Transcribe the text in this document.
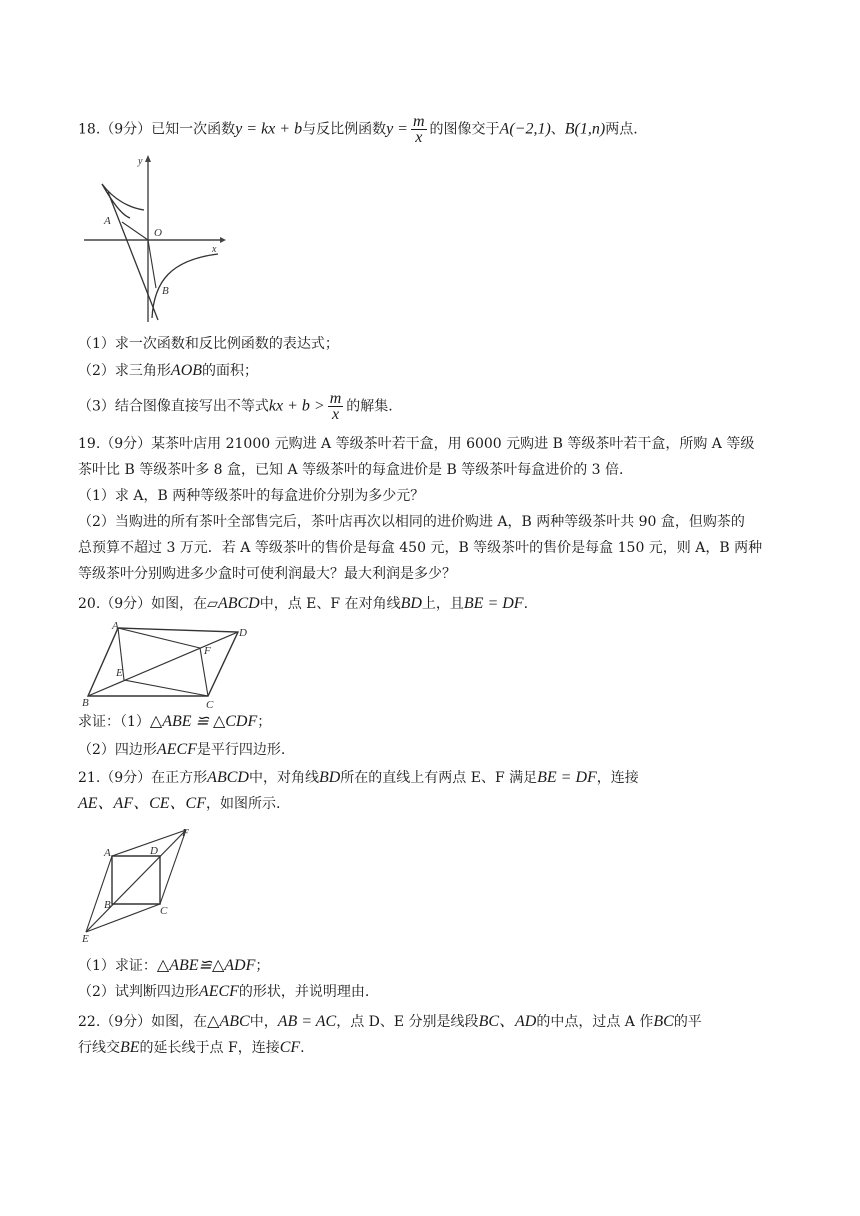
18.（9分）已知一次函数y = kx + b与反比例函数$y = \frac{m}{x}$ 的图像交于A(−2,1)、B(1,n)两点.
y
x
A
O
B
（1）求一次函数和反比例函数的表达式；
（2）求三角形AOB的面积；
（3）结合图像直接写出不等式kx + $b > \frac{m}{x}$ 的解集.
19.（9分）某茶叶店用 21000 元购进 A 等级茶叶若干盒，用 6000 元购进 B 等级茶叶若干盒，所购 A 等级
茶叶比 B 等级茶叶多 8 盒，已知 A 等级茶叶的每盒进价是 B 等级茶叶每盒进价的 3 倍.
（1）求 A，B 两种等级茶叶的每盒进价分别为多少元？
（2）当购进的所有茶叶全部售完后，茶叶店再次以相同的进价购进 A，B 两种等级茶叶共 90 盒，但购茶的
总预算不超过 3 万元．若 A 等级茶叶的售价是每盒 450 元，B 等级茶叶的售价是每盒 150 元，则 A，B 两种
等级茶叶分别购进多少盒时可使利润最大？最大利润是多少？
20.（9分）如图，在▱ABCD中，点 E、F 在对角线BD上，且BE = DF.
A
D
E
F
B	C
求证：（1）△ABE ≌ △CDF；
（2）四边形AECF是平行四边形.
21.（9分）在正方形ABCD中，对角线BD所在的直线上有两点 E、F 满足BE = DF，连接
AE、AF、CE、CF，如图所示.
A	D
F
B	C
E
（1）求证：△ABE≌△ADF；
（2）试判断四边形AECF的形状，并说明理由.
22.（9分）如图，在△ABC中，AB = AC，点 D、E 分别是线段BC、AD的中点，过点 A 作BC的平
行线交BE的延长线于点 F，连接CF.
